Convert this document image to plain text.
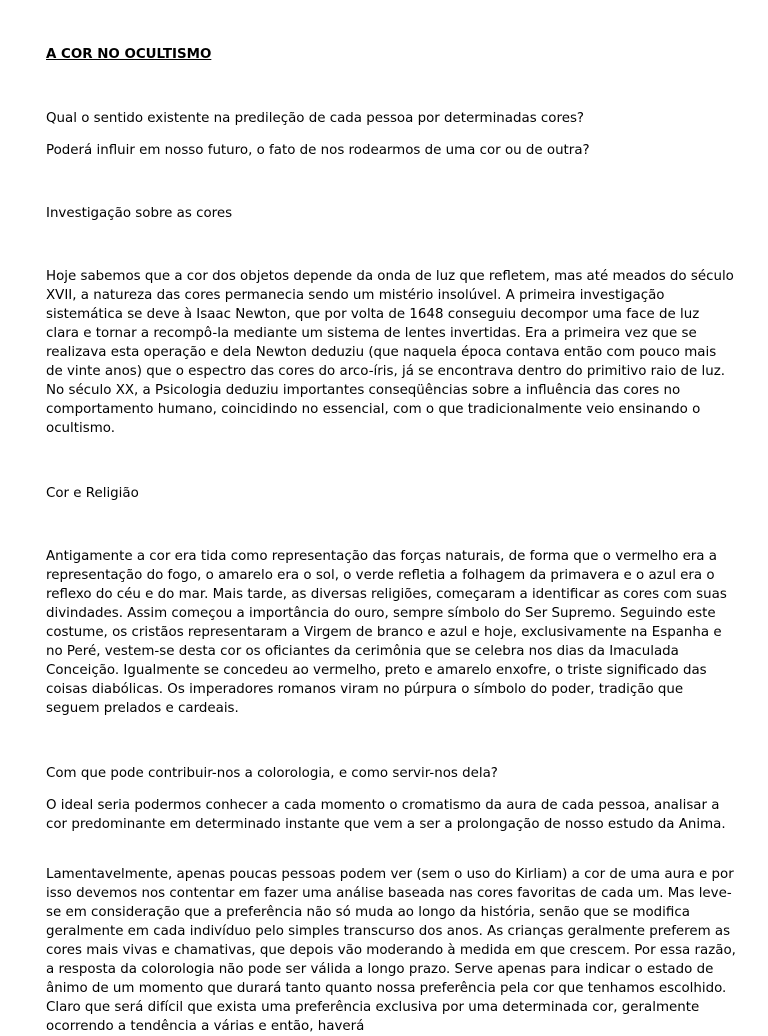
A COR NO OCULTISMO

Qual o sentido existente na predileção de cada pessoa por determinadas cores?

Poderá influir em nosso futuro, o fato de nos rodearmos de uma cor ou de outra?

Investigação sobre as cores

Hoje sabemos que a cor dos objetos depende da onda de luz que refletem, mas até meados do século XVII, a natureza das cores permanecia sendo um mistério insolúvel. A primeira investigação sistemática se deve à Isaac Newton, que por volta de 1648 conseguiu decompor uma face de luz clara e tornar a recompô-la mediante um sistema de lentes invertidas. Era a primeira vez que se realizava esta operação e dela Newton deduziu (que naquela época contava então com pouco mais de vinte anos) que o espectro das cores do arco-íris, já se encontrava dentro do primitivo raio de luz. No século XX, a Psicologia deduziu importantes conseqüências sobre a influência das cores no comportamento humano, coincidindo no essencial, com o que tradicionalmente veio ensinando o ocultismo.

Cor e Religião

Antigamente a cor era tida como representação das forças naturais, de forma que o vermelho era a representação do fogo, o amarelo era o sol, o verde refletia a folhagem da primavera e o azul era o reflexo do céu e do mar. Mais tarde, as diversas religiões, começaram a identificar as cores com suas divindades. Assim começou a importância do ouro, sempre símbolo do Ser Supremo. Seguindo este costume, os cristãos representaram a Virgem de branco e azul e hoje, exclusivamente na Espanha e no Peré, vestem-se desta cor os oficiantes da cerimônia que se celebra nos dias da Imaculada Conceição. Igualmente se concedeu ao vermelho, preto e amarelo enxofre, o triste significado das coisas diabólicas. Os imperadores romanos viram no púrpura o símbolo do poder, tradição que seguem prelados e cardeais.

Com que pode contribuir-nos a colorologia, e como servir-nos dela?

O ideal seria podermos conhecer a cada momento o cromatismo da aura de cada pessoa, analisar a cor predominante em determinado instante que vem a ser a prolongação de nosso estudo da Anima.

Lamentavelmente, apenas poucas pessoas podem ver (sem o uso do Kirliam) a cor de uma aura e por isso devemos nos contentar em fazer uma análise baseada nas cores favoritas de cada um. Mas leve-se em consideração que a preferência não só muda ao longo da história, senão que se modifica geralmente em cada indivíduo pelo simples transcurso dos anos. As crianças geralmente preferem as cores mais vivas e chamativas, que depois vão moderando à medida em que crescem. Por essa razão, a resposta da colorologia não pode ser válida a longo prazo. Serve apenas para indicar o estado de ânimo de um momento que durará tanto quanto nossa preferência pela cor que tenhamos escolhido. Claro que será difícil que exista uma preferência exclusiva por uma determinada cor, geralmente ocorrendo a tendência a várias e então, haverá
